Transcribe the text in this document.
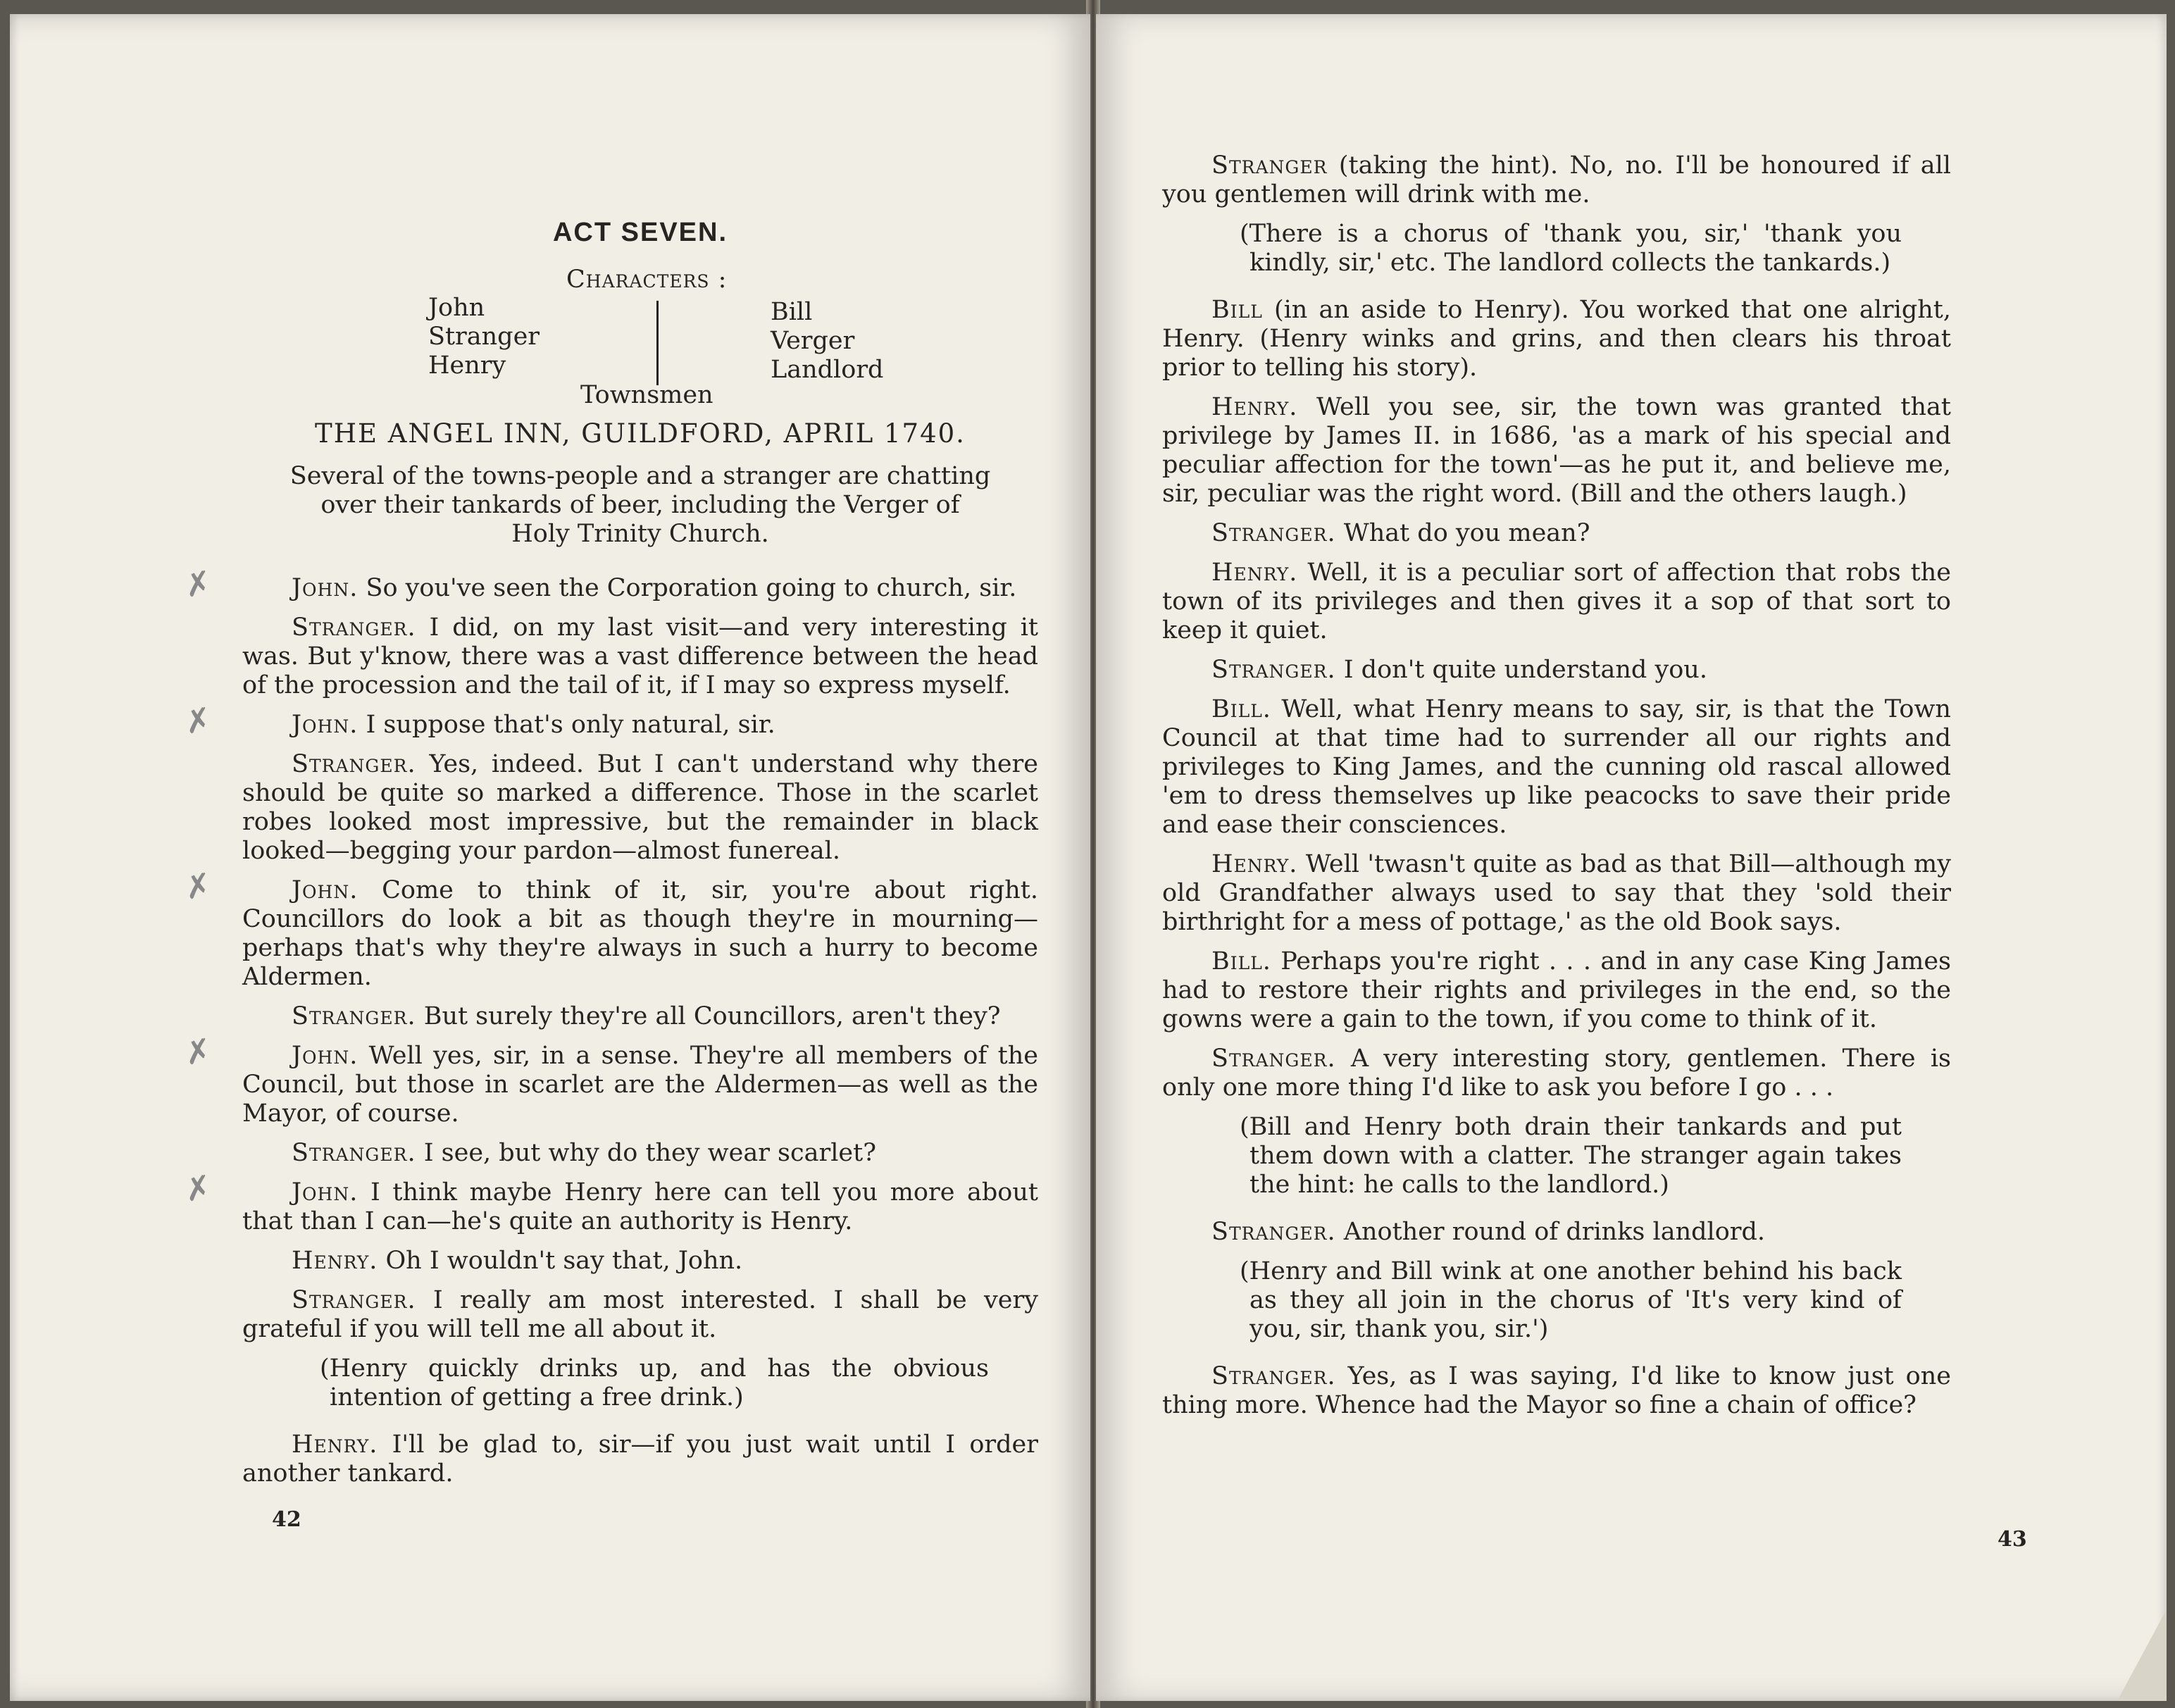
ACT SEVEN.
Characters :
John
Stranger
Henry
Bill
Verger
Landlord
Townsmen
THE ANGEL INN, GUILDFORD, APRIL 1740.
Several of the towns-people and a stranger are chatting over their tankards of beer, including the Verger of Holy Trinity Church.

✗	John. So you've seen the Corporation going to church, sir.

Stranger. I did, on my last visit—and very interesting it was. But y'know, there was a vast difference between the head of the procession and the tail of it, if I may so express myself.

✗	John. I suppose that's only natural, sir.

Stranger. Yes, indeed. But I can't understand why there should be quite so marked a difference. Those in the scarlet robes looked most impressive, but the remainder in black looked—begging your pardon—almost funereal.

✗	John. Come to think of it, sir, you're about right. Councillors do look a bit as though they're in mourning—perhaps that's why they're always in such a hurry to become Aldermen.

Stranger. But surely they're all Councillors, aren't they?

✗	John. Well yes, sir, in a sense. They're all members of the Council, but those in scarlet are the Aldermen—as well as the Mayor, of course.

Stranger. I see, but why do they wear scarlet?

✗	John. I think maybe Henry here can tell you more about that than I can—he's quite an authority is Henry.

Henry. Oh I wouldn't say that, John.

Stranger. I really am most interested. I shall be very grateful if you will tell me all about it.

(Henry quickly drinks up, and has the obvious intention of getting a free drink.)

Henry. I'll be glad to, sir—if you just wait until I order another tankard.

42

Stranger (taking the hint). No, no. I'll be honoured if all you gentlemen will drink with me.

(There is a chorus of 'thank you, sir,' 'thank you kindly, sir,' etc. The landlord collects the tankards.)

Bill (in an aside to Henry). You worked that one alright, Henry. (Henry winks and grins, and then clears his throat prior to telling his story).

Henry. Well you see, sir, the town was granted that privilege by James II. in 1686, 'as a mark of his special and peculiar affection for the town'—as he put it, and believe me, sir, peculiar was the right word. (Bill and the others laugh.)

Stranger. What do you mean?

Henry. Well, it is a peculiar sort of affection that robs the town of its privileges and then gives it a sop of that sort to keep it quiet.

Stranger. I don't quite understand you.

Bill. Well, what Henry means to say, sir, is that the Town Council at that time had to surrender all our rights and privileges to King James, and the cunning old rascal allowed 'em to dress themselves up like peacocks to save their pride and ease their consciences.

Henry. Well 'twasn't quite as bad as that Bill—although my old Grandfather always used to say that they 'sold their birthright for a mess of pottage,' as the old Book says.

Bill. Perhaps you're right . . . and in any case King James had to restore their rights and privileges in the end, so the gowns were a gain to the town, if you come to think of it.

Stranger. A very interesting story, gentlemen. There is only one more thing I'd like to ask you before I go . . .

(Bill and Henry both drain their tankards and put them down with a clatter. The stranger again takes the hint: he calls to the landlord.)

Stranger. Another round of drinks landlord.

(Henry and Bill wink at one another behind his back as they all join in the chorus of 'It's very kind of you, sir, thank you, sir.')

Stranger. Yes, as I was saying, I'd like to know just one thing more. Whence had the Mayor so fine a chain of office?

43
